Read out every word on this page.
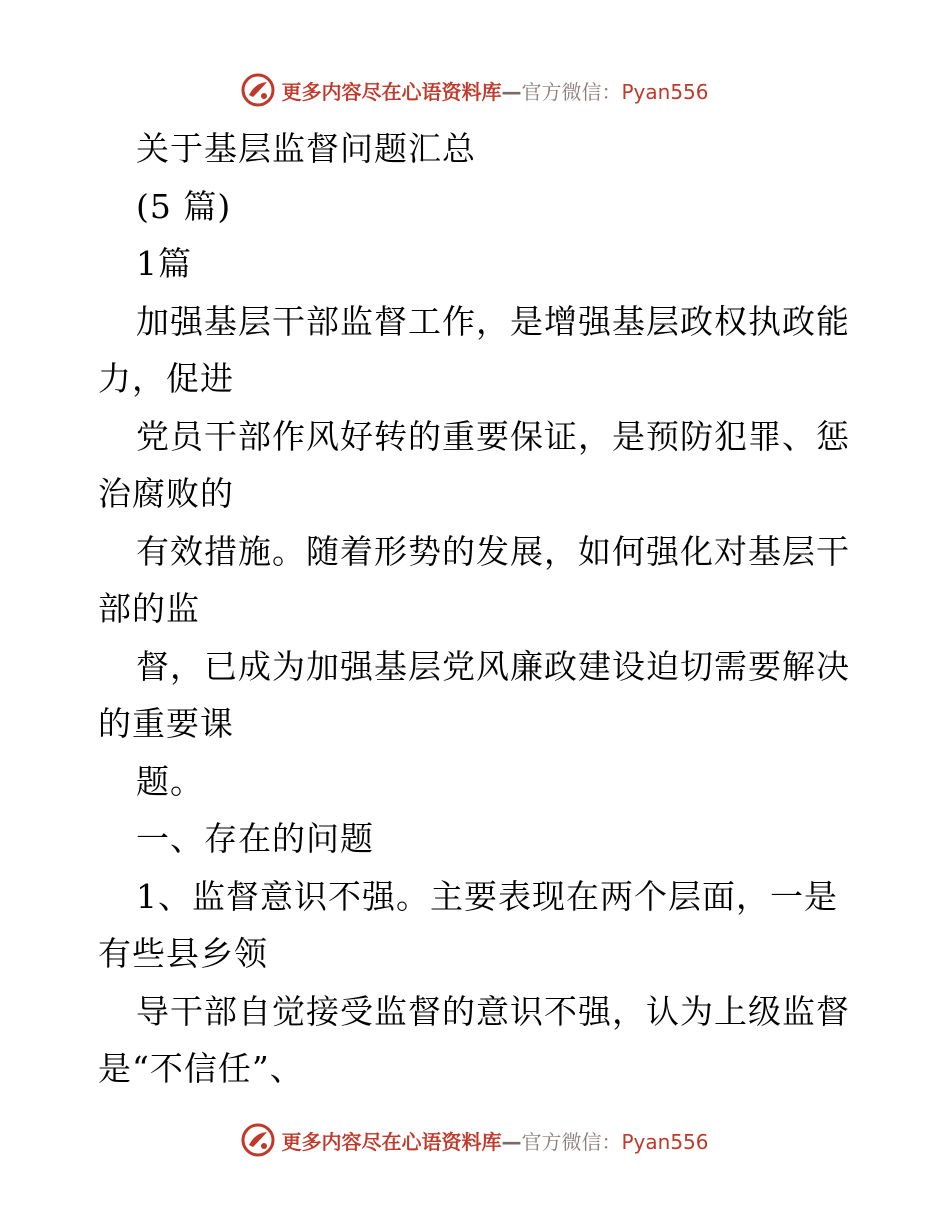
更多内容尽在心语资料库—官方微信：Pyan556
关于基层监督问题汇总
(5 篇)
1篇
加强基层干部监督工作，是增强基层政权执政能
力，促进
党员干部作风好转的重要保证，是预防犯罪、惩
治腐败的
有效措施。随着形势的发展，如何强化对基层干
部的监
督，已成为加强基层党风廉政建设迫切需要解决
的重要课
题。
一、存在的问题
1、监督意识不强。主要表现在两个层面，一是
有些县乡领
导干部自觉接受监督的意识不强，认为上级监督
是“不信任”、
更多内容尽在心语资料库—官方微信：Pyan556
